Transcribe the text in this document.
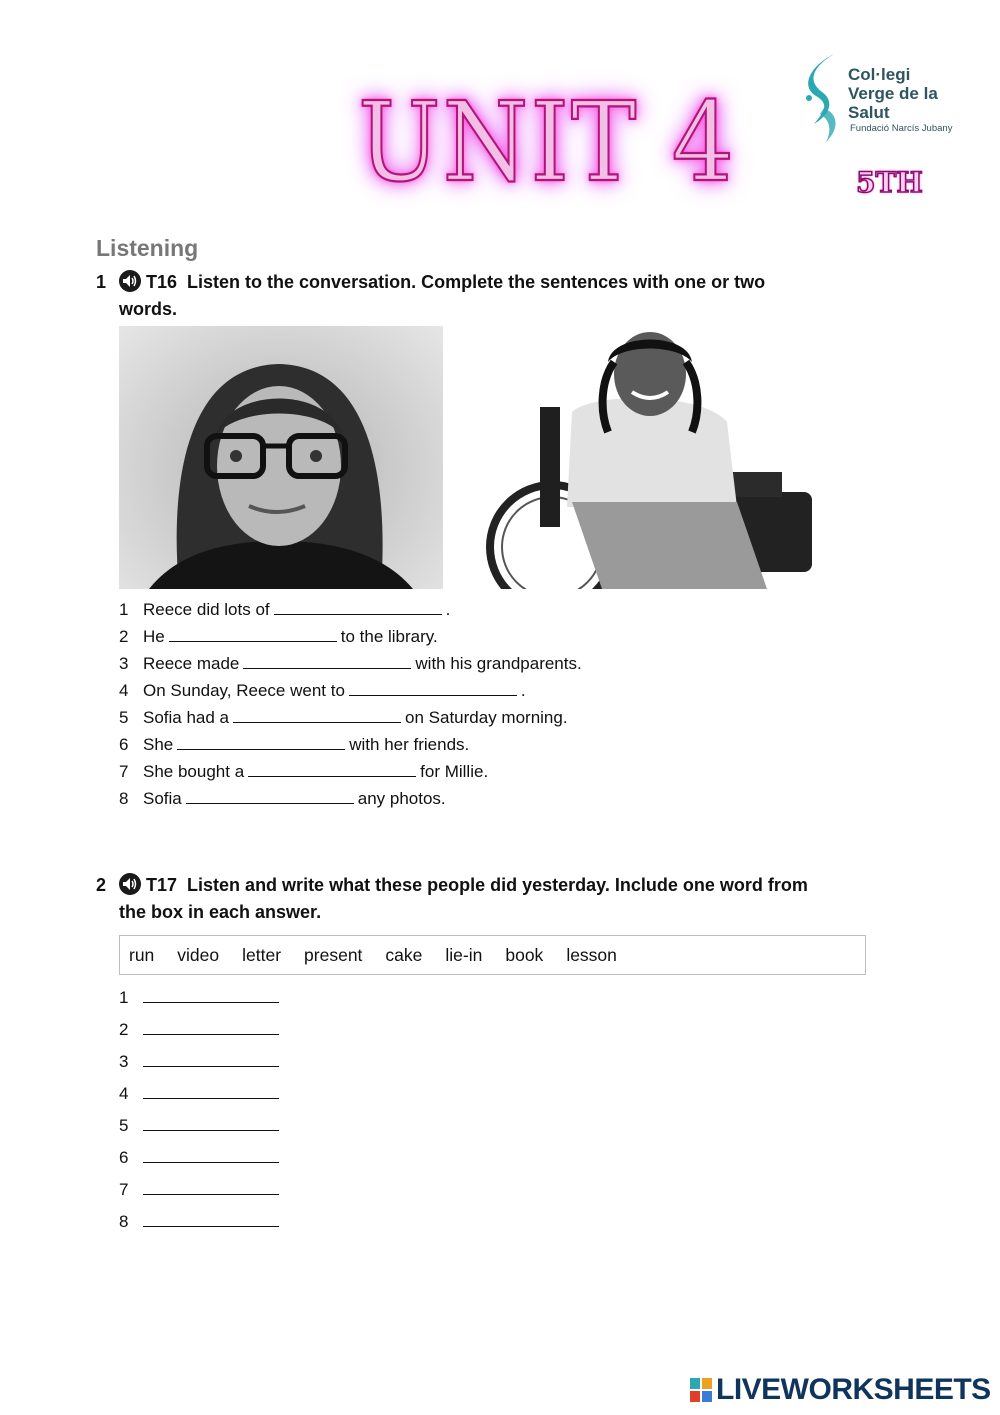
UNIT 4
Col·legi
Verge de la
Salut
Fundació Narcís Jubany
5TH
Listening
1	T16 Listen to the conversation. Complete the sentences with one or two words.
1 Reece did lots of	.
2 He	to the library.
3 Reece made	with his grandparents.
4 On Sunday, Reece went to	.
5 Sofia had a	on Saturday morning.
6 She	with her friends.
7 She bought a	for Millie.
8 Sofia	any photos.
2	T17 Listen and write what these people did yesterday. Include one word from the box in each answer.
run video letter present cake lie-in book lesson
1
2
3
4
5
6
7
8
LIVEWORKSHEETS
